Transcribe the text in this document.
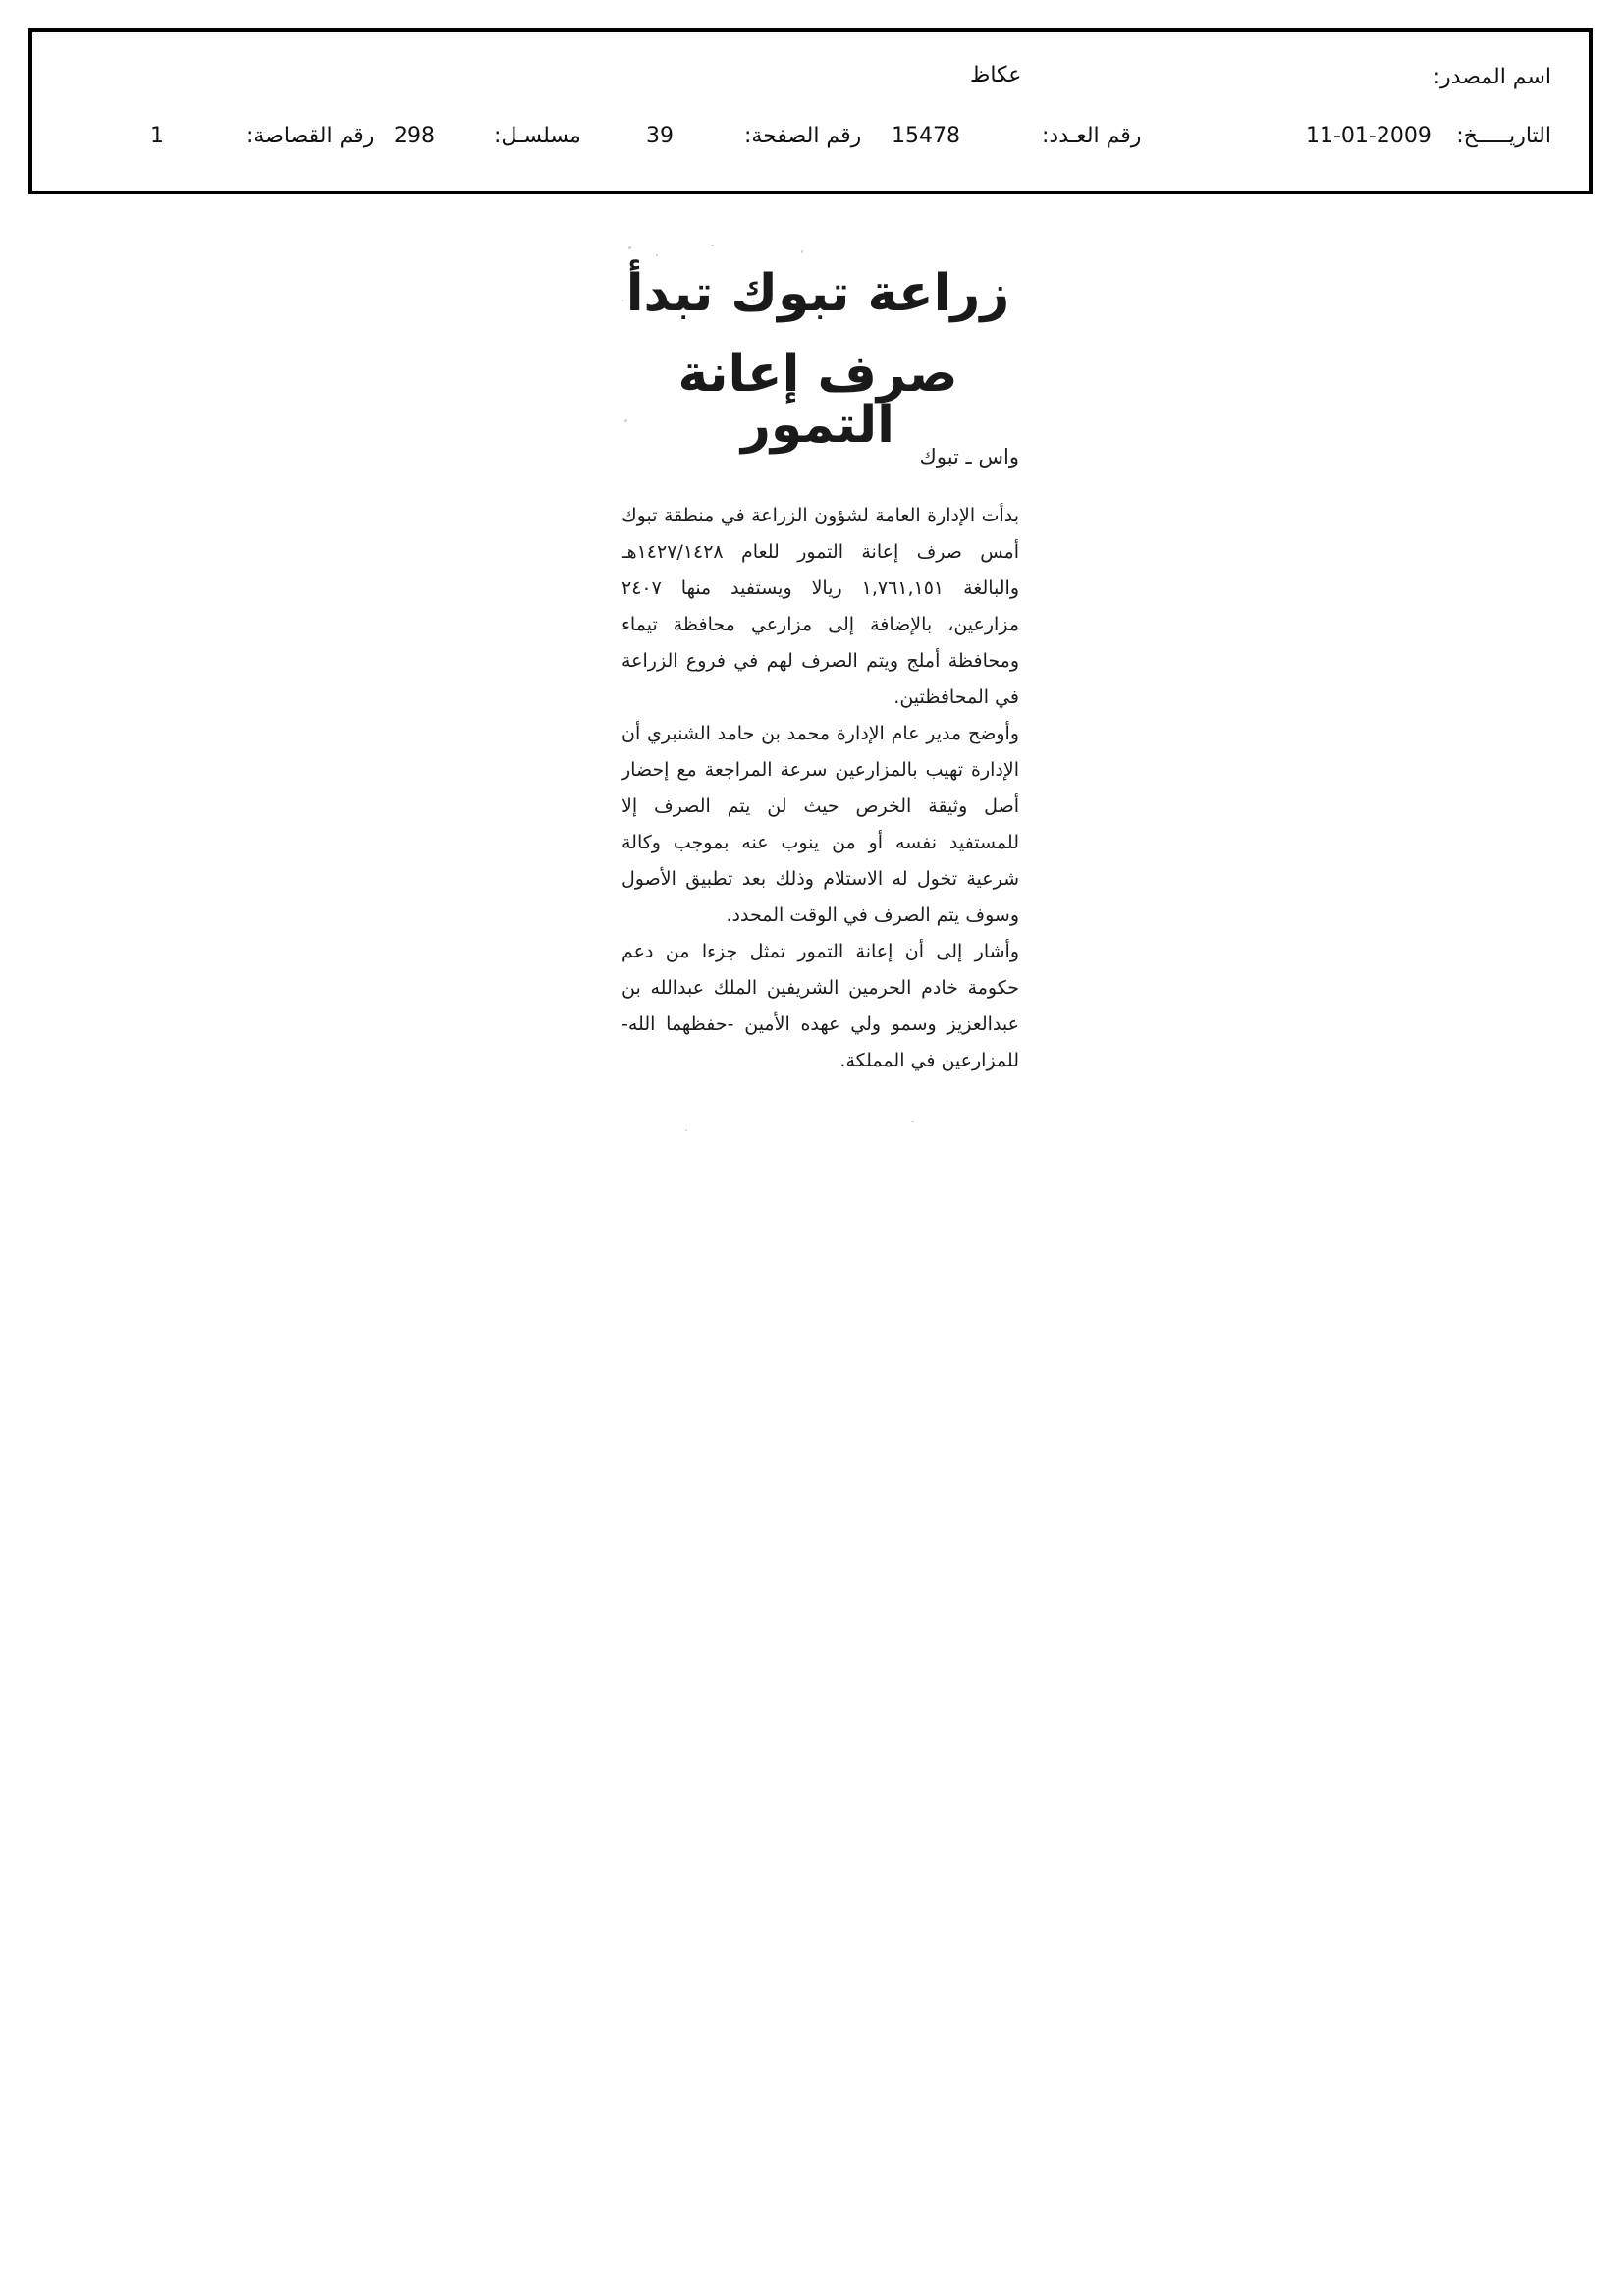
اسم المصدر:
عكاظ
التاريـــــخ:
11-01-2009
رقم العـدد:
15478
رقم الصفحة:
39
مسلسـل:
298
رقم القصاصة:
1
زراعة تبوك تبدأ
صرف إعانة التمور
واس ـ تبوك

بدأت الإدارة العامة لشؤون الزراعة في منطقة تبوك أمس صرف إعانة التمور للعام ١٤٢٧/١٤٢٨هـ والبالغة ١,٧٦١,١٥١ ريالا ويستفيد منها ٢٤٠٧ مزارعين، بالإضافة إلى مزارعي محافظة تيماء ومحافظة أملج ويتم الصرف لهم في فروع الزراعة في المحافظتين.

وأوضح مدير عام الإدارة محمد بن حامد الشنبري أن الإدارة تهيب بالمزارعين سرعة المراجعة مع إحضار أصل وثيقة الخرص حيث لن يتم الصرف إلا للمستفيد نفسه أو من ينوب عنه بموجب وكالة شرعية تخول له الاستلام وذلك بعد تطبيق الأصول وسوف يتم الصرف في الوقت المحدد.

وأشار إلى أن إعانة التمور تمثل جزءا من دعم حكومة خادم الحرمين الشريفين الملك عبدالله بن عبدالعزيز وسمو ولي عهده الأمين -حفظهما الله- للمزارعين في المملكة.
